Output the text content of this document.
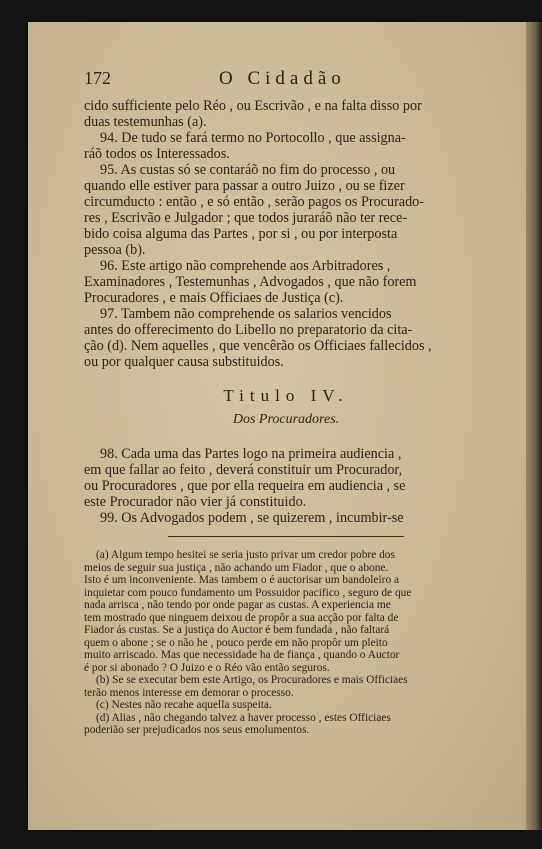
172	O Cidadão

cido sufficiente pelo Réo , ou Escrivão , e na falta disso por

duas testemunhas (a).

94. De tudo se fará termo no Portocollo , que assigna-

ráõ todos os Interessados.

95. As custas só se contaráõ no fim do processo , ou

quando elle estiver para passar a outro Juizo , ou se fizer

circumducto : então , e só então , serão pagos os Procurado-

res , Escrivão e Julgador ; que todos juraráõ não ter rece-

bido coisa alguma das Partes , por si , ou por interposta

pessoa (b).

96. Este artigo não comprehende aos Arbitradores ,

Examinadores , Testemunhas , Advogados , que não forem

Procuradores , e mais Officiaes de Justiça (c).

97. Tambem não comprehende os salarios vencidos

antes do offerecimento do Libello no preparatorio da cita-

ção (d). Nem aquelles , que vencêrão os Officiaes fallecidos ,

ou por qualquer causa substituidos.

Titulo IV.
Dos Procuradores.

98. Cada uma das Partes logo na primeira audiencia ,

em que fallar ao feito , deverá constituir um Procurador,

ou Procuradores , que por ella requeira em audiencia , se

este Procurador não vier já constituido.

99. Os Advogados podem , se quizerem , incumbir-se

(a) Algum tempo hesitei se seria justo privar um credor pobre dos

meios de seguir sua justiça , não achando um Fiador , que o abone.

Isto é um inconveniente. Mas tambem o é auctorisar um bandoleiro a

inquietar com pouco fundamento um Possuidor pacifico , seguro de que

nada arrisca , não tendo por onde pagar as custas. A experiencia me

tem mostrado que ninguem deixou de propôr a sua acção por falta de

Fiador ás custas. Se a justiça do Auctor é bem fundada , não faltará

quem o abone ; se o não he , pouco perde em não propôr um pleito

muito arriscado. Mas que necessidade ha de fiança , quando o Auctor

é por si abonado ? O Juizo e o Réo vão então seguros.

(b) Se se executar bem este Artigo, os Procuradores e mais Officiaes

terão menos interesse em demorar o processo.

(c) Nestes não recahe aquella suspeita.

(d) Alias , não chegando talvez a haver processo , estes Officiaes

poderião ser prejudicados nos seus emolumentos.
